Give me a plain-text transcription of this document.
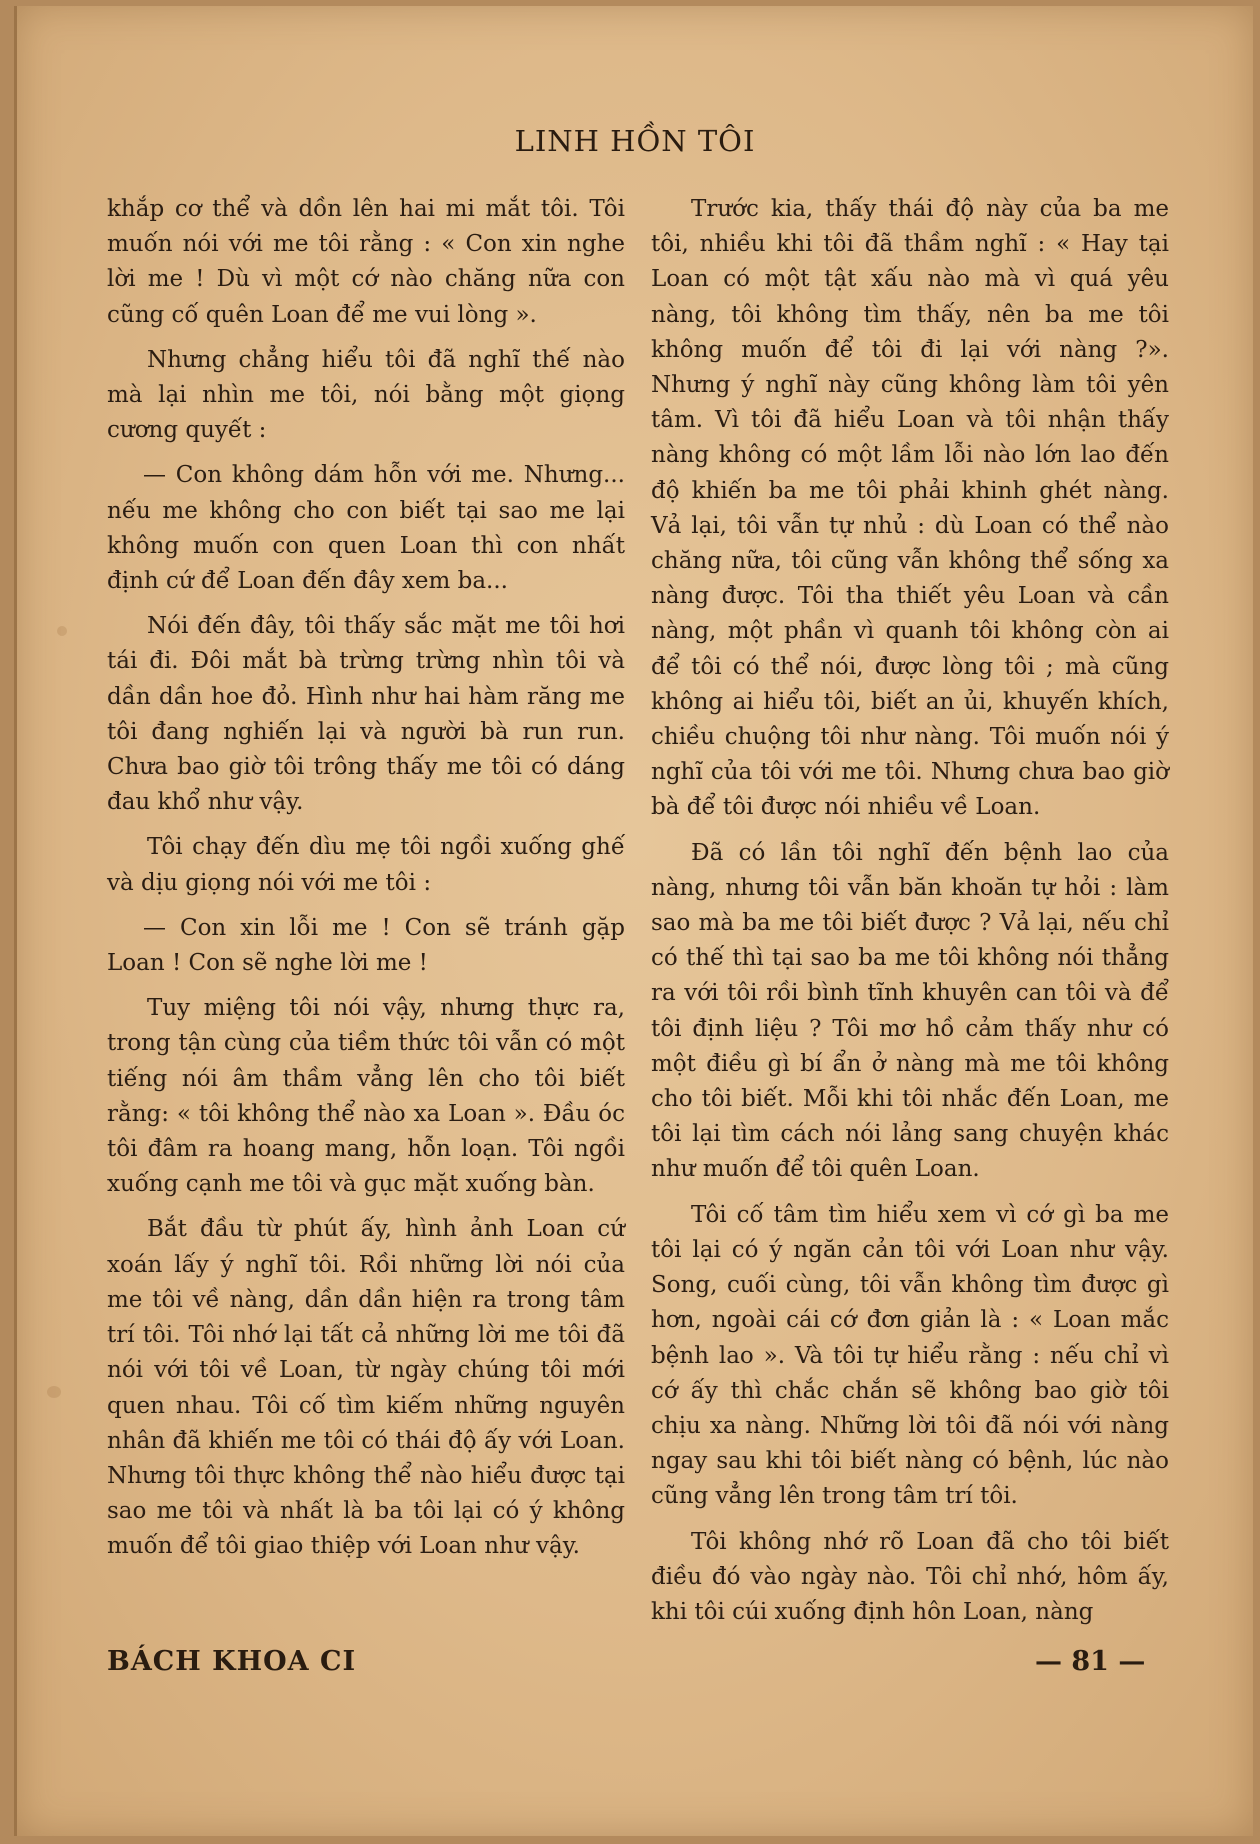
LINH HỒN TÔI

khắp cơ thể và dồn lên hai mi mắt tôi. Tôi muốn nói với me tôi rằng : « Con xin nghe lời me ! Dù vì một cớ nào chăng nữa con cũng cố quên Loan để me vui lòng ».

Nhưng chẳng hiểu tôi đã nghĩ thế nào mà lại nhìn me tôi, nói bằng một giọng cương quyết :

— Con không dám hỗn với me. Nhưng... nếu me không cho con biết tại sao me lại không muốn con quen Loan thì con nhất định cứ để Loan đến đây xem ba...

Nói đến đây, tôi thấy sắc mặt me tôi hơi tái đi. Đôi mắt bà trừng trừng nhìn tôi và dần dần hoe đỏ. Hình như hai hàm răng me tôi đang nghiến lại và người bà run run. Chưa bao giờ tôi trông thấy me tôi có dáng đau khổ như vậy.

Tôi chạy đến dìu mẹ tôi ngồi xuống ghế và dịu giọng nói với me tôi :

— Con xin lỗi me ! Con sẽ tránh gặp Loan ! Con sẽ nghe lời me !

Tuy miệng tôi nói vậy, nhưng thực ra, trong tận cùng của tiềm thức tôi vẫn có một tiếng nói âm thầm vẳng lên cho tôi biết rằng: « tôi không thể nào xa Loan ». Đầu óc tôi đâm ra hoang mang, hỗn loạn. Tôi ngồi xuống cạnh me tôi và gục mặt xuống bàn.

Bắt đầu từ phút ấy, hình ảnh Loan cứ xoán lấy ý nghĩ tôi. Rồi những lời nói của me tôi về nàng, dần dần hiện ra trong tâm trí tôi. Tôi nhớ lại tất cả những lời me tôi đã nói với tôi về Loan, từ ngày chúng tôi mới quen nhau. Tôi cố tìm kiếm những nguyên nhân đã khiến me tôi có thái độ ấy với Loan. Nhưng tôi thực không thể nào hiểu được tại sao me tôi và nhất là ba tôi lại có ý không muốn để tôi giao thiệp với Loan như vậy.

Trước kia, thấy thái độ này của ba me tôi, nhiều khi tôi đã thầm nghĩ : « Hay tại Loan có một tật xấu nào mà vì quá yêu nàng, tôi không tìm thấy, nên ba me tôi không muốn để tôi đi lại với nàng ?». Nhưng ý nghĩ này cũng không làm tôi yên tâm. Vì tôi đã hiểu Loan và tôi nhận thấy nàng không có một lầm lỗi nào lớn lao đến độ khiến ba me tôi phải khinh ghét nàng. Vả lại, tôi vẫn tự nhủ : dù Loan có thể nào chăng nữa, tôi cũng vẫn không thể sống xa nàng được. Tôi tha thiết yêu Loan và cần nàng, một phần vì quanh tôi không còn ai để tôi có thể nói, được lòng tôi ; mà cũng không ai hiểu tôi, biết an ủi, khuyến khích, chiều chuộng tôi như nàng. Tôi muốn nói ý nghĩ của tôi với me tôi. Nhưng chưa bao giờ bà để tôi được nói nhiều về Loan.

Đã có lần tôi nghĩ đến bệnh lao của nàng, nhưng tôi vẫn băn khoăn tự hỏi : làm sao mà ba me tôi biết được ? Vả lại, nếu chỉ có thế thì tại sao ba me tôi không nói thẳng ra với tôi rồi bình tĩnh khuyên can tôi và để tôi định liệu ? Tôi mơ hồ cảm thấy như có một điều gì bí ẩn ở nàng mà me tôi không cho tôi biết. Mỗi khi tôi nhắc đến Loan, me tôi lại tìm cách nói lảng sang chuyện khác như muốn để tôi quên Loan.

Tôi cố tâm tìm hiểu xem vì cớ gì ba me tôi lại có ý ngăn cản tôi với Loan như vậy. Song, cuối cùng, tôi vẫn không tìm được gì hơn, ngoài cái cớ đơn giản là : « Loan mắc bệnh lao ». Và tôi tự hiểu rằng : nếu chỉ vì cớ ấy thì chắc chắn sẽ không bao giờ tôi chịu xa nàng. Những lời tôi đã nói với nàng ngay sau khi tôi biết nàng có bệnh, lúc nào cũng vẳng lên trong tâm trí tôi.

Tôi không nhớ rõ Loan đã cho tôi biết điều đó vào ngày nào. Tôi chỉ nhớ, hôm ấy, khi tôi cúi xuống định hôn Loan, nàng

BÁCH KHOA CI	— 81 —
